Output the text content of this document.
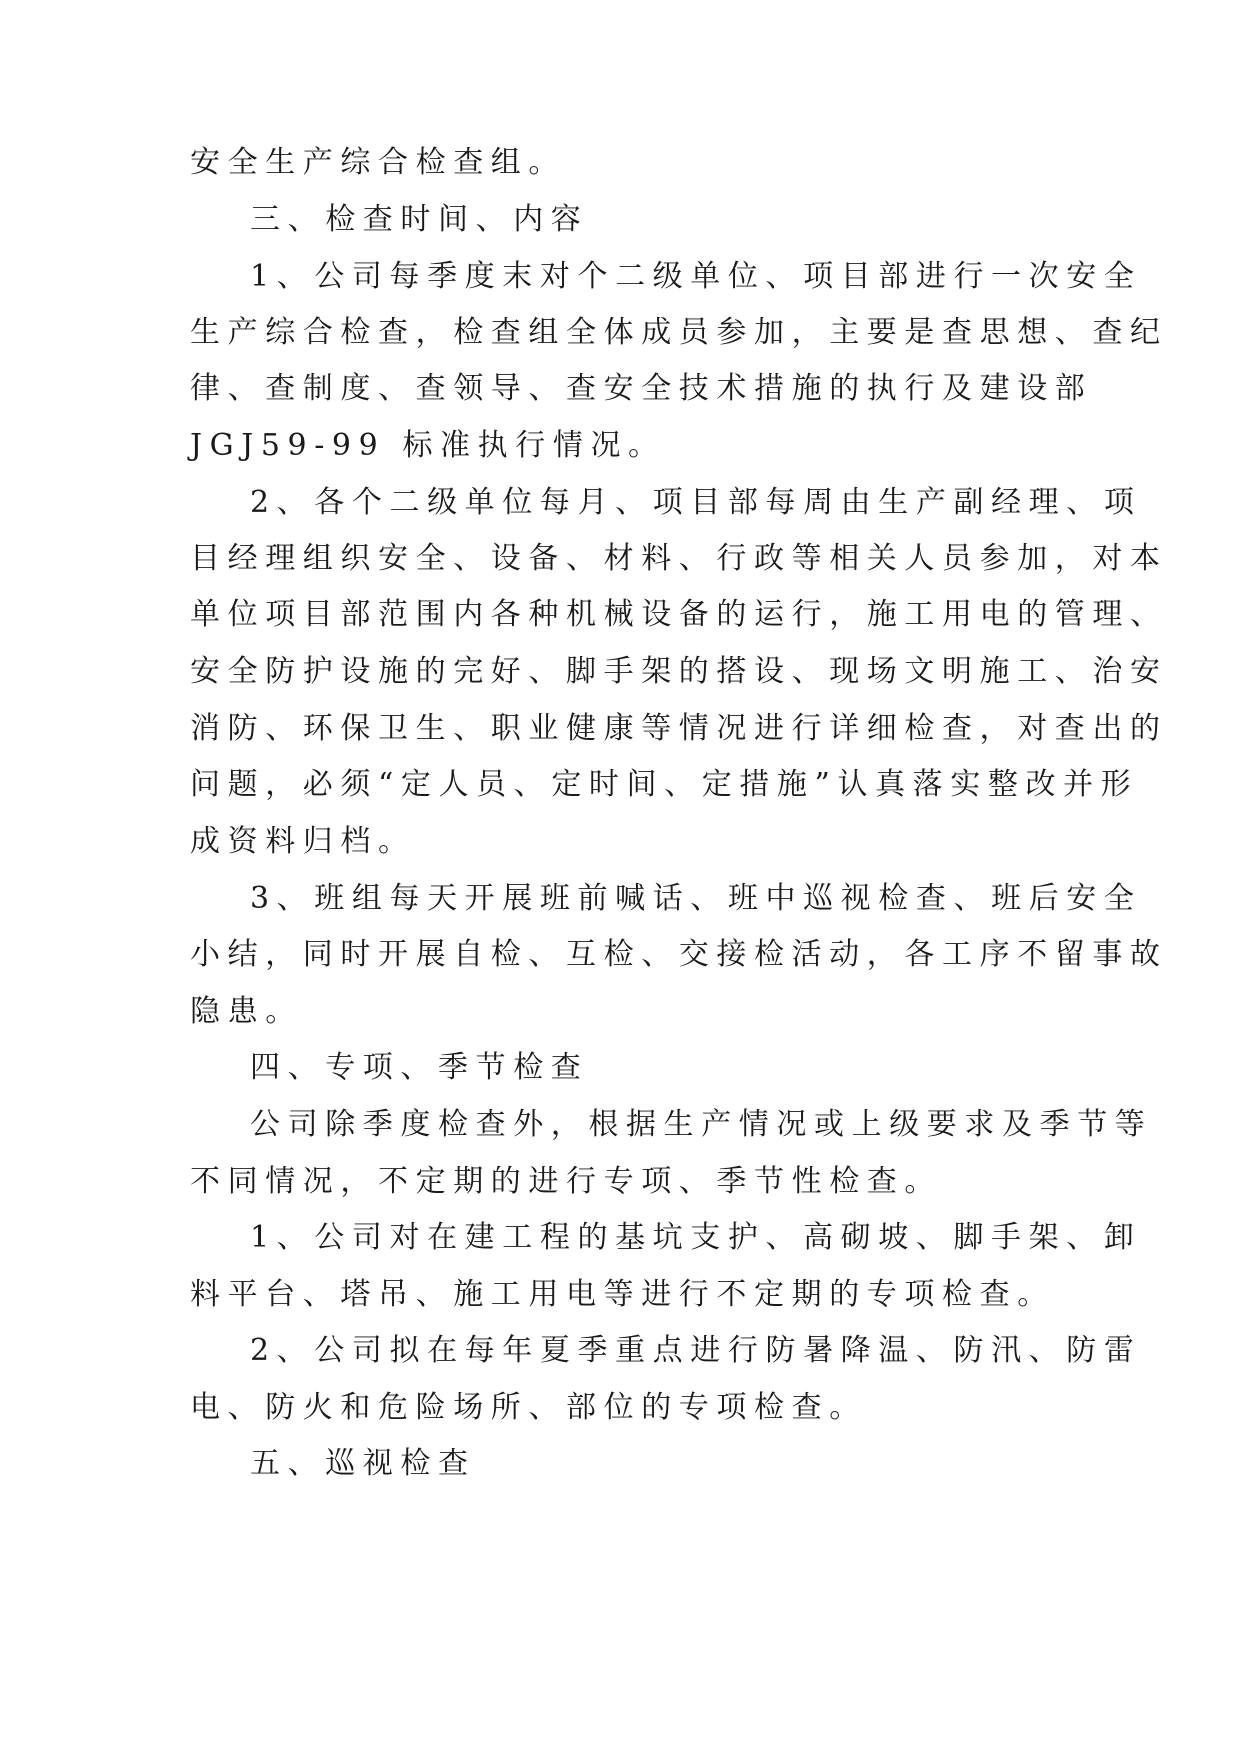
安全生产综合检查组。
三、检查时间、内容
1、公司每季度末对个二级单位、项目部进行一次安全
生产综合检查，检查组全体成员参加，主要是查思想、查纪
律、查制度、查领导、查安全技术措施的执行及建设部
JGJ59-99 标准执行情况。
2、各个二级单位每月、项目部每周由生产副经理、项
目经理组织安全、设备、材料、行政等相关人员参加，对本
单位项目部范围内各种机械设备的运行，施工用电的管理、
安全防护设施的完好、脚手架的搭设、现场文明施工、治安
消防、环保卫生、职业健康等情况进行详细检查，对查出的
问题，必须“定人员、定时间、定措施”认真落实整改并形
成资料归档。
3、班组每天开展班前喊话、班中巡视检查、班后安全
小结，同时开展自检、互检、交接检活动，各工序不留事故
隐患。
四、专项、季节检查
公司除季度检查外，根据生产情况或上级要求及季节等
不同情况，不定期的进行专项、季节性检查。
1、公司对在建工程的基坑支护、高砌坡、脚手架、卸
料平台、塔吊、施工用电等进行不定期的专项检查。
2、公司拟在每年夏季重点进行防暑降温、防汛、防雷
电、防火和危险场所、部位的专项检查。
五、巡视检查
